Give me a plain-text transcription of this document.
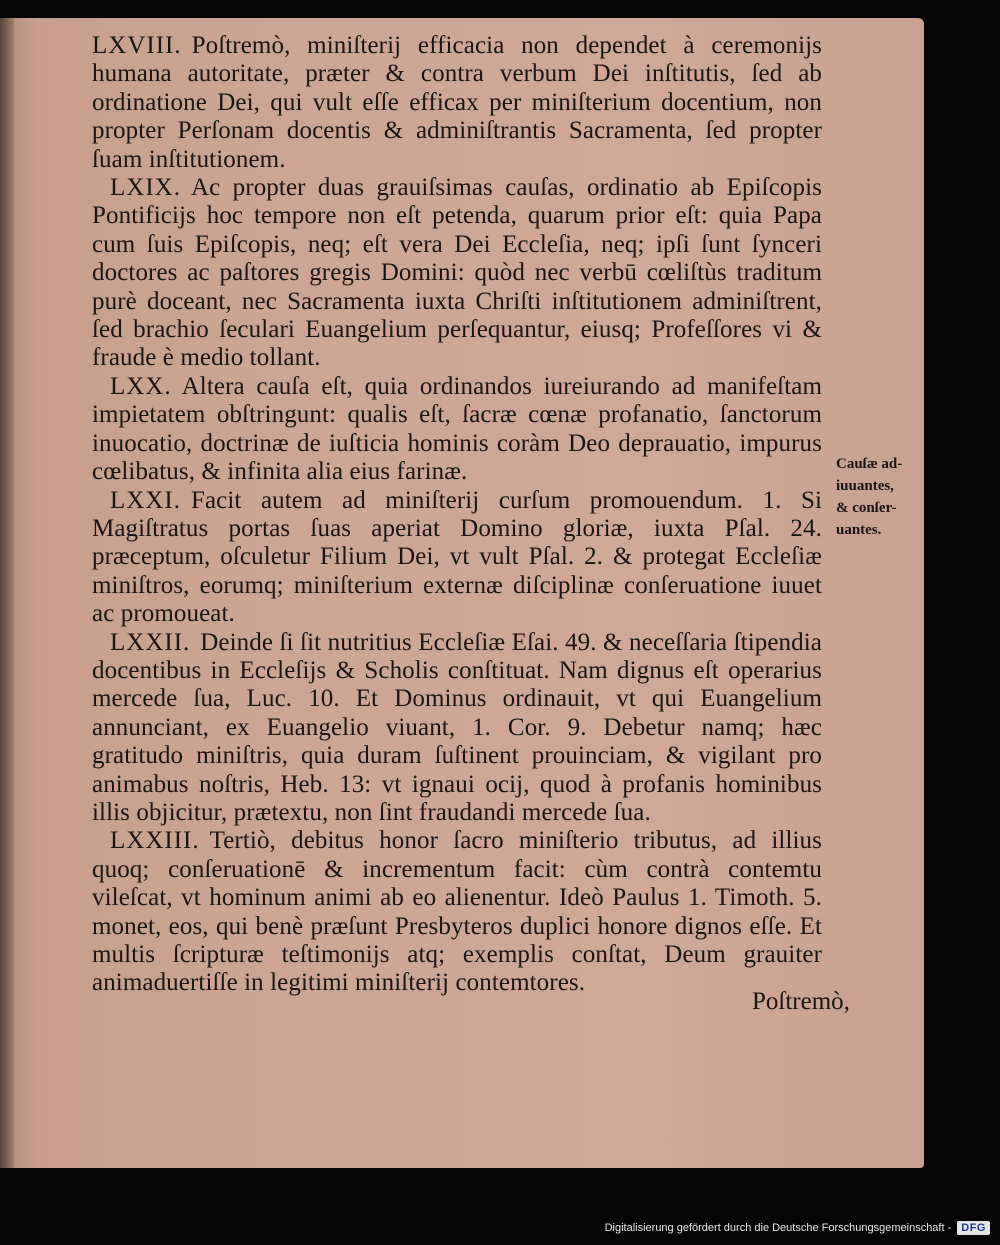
LXVIII. Poſtremò, miniſterij efficacia non dependet à ceremonijs humana autoritate, præter & contra verbum Dei inſtitutis, ſed ab ordinatione Dei, qui vult eſſe efficax per miniſterium docentium, non propter Perſonam docentis & adminiſtrantis Sacramenta, ſed propter ſuam inſtitutionem.

LXIX. Ac propter duas grauiſsimas cauſas, ordinatio ab Epiſcopis Pontificijs hoc tempore non eſt petenda, quarum prior eſt: quia Papa cum ſuis Epiſcopis, neq; eſt vera Dei Eccleſia, neq; ipſi ſunt ſynceri doctores ac paſtores gregis Domini: quòd nec verbū cœliſtùs traditum purè doceant, nec Sacramenta iuxta Chriſti inſtitutionem adminiſtrent, ſed brachio ſeculari Euangelium perſequantur, eiusq; Profeſſores vi & fraude è medio tollant.

LXX. Altera cauſa eſt, quia ordinandos iureiurando ad manifeſtam impietatem obſtringunt: qualis eſt, ſacræ cœnæ profanatio, ſanctorum inuocatio, doctrinæ de iuſticia hominis coràm Deo deprauatio, impurus cœlibatus, & infinita alia eius farinæ.

LXXI. Facit autem ad miniſterij curſum promouendum. 1. Si Magiſtratus portas ſuas aperiat Domino gloriæ, iuxta Pſal. 24. præceptum, oſculetur Filium Dei, vt vult Pſal. 2. & protegat Eccleſiæ miniſtros, eorumq; miniſterium externæ diſciplinæ conſeruatione iuuet ac promoueat.

LXXII. Deinde ſi ſit nutritius Eccleſiæ Eſai. 49. & neceſſaria ſtipendia docentibus in Eccleſijs & Scholis conſtituat. Nam dignus eſt operarius mercede ſua, Luc. 10. Et Dominus ordinauit, vt qui Euangelium annunciant, ex Euangelio viuant, 1. Cor. 9. Debetur namq; hæc gratitudo miniſtris, quia duram ſuſtinent prouinciam, & vigilant pro animabus noſtris, Heb. 13: vt ignaui ocij, quod à profanis hominibus illis objicitur, prætextu, non ſint fraudandi mercede ſua.

LXXIII. Tertiò, debitus honor ſacro miniſterio tributus, ad illius quoq; conſeruationē & incrementum facit: cùm contrà contemtu vileſcat, vt hominum animi ab eo alienentur. Ideò Paulus 1. Timoth. 5. monet, eos, qui benè præſunt Presbyteros duplici honore dignos eſſe. Et multis ſcripturæ teſtimonijs atq; exemplis conſtat, Deum grauiter animaduertiſſe in legitimi miniſterij contemtores.

Cauſæ ad-
iuuantes,
& conſer-
uantes.
Poſtremò,
Digitalisierung gefördert durch die Deutsche Forschungsgemeinschaft - DFG
